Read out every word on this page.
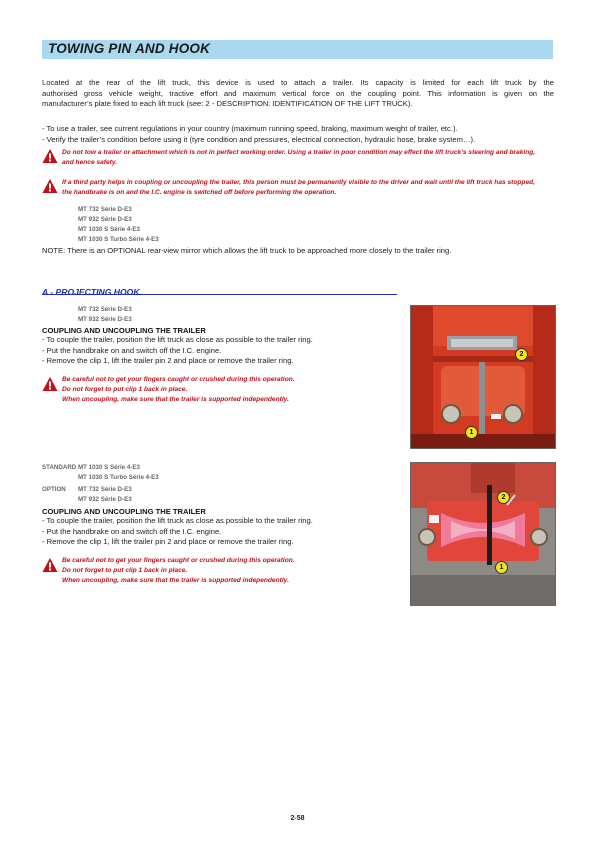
TOWING PIN AND HOOK
Located at the rear of the lift truck, this device is used to attach a trailer. Its capacity is limited for each lift truck by the
authorised gross vehicle weight, tractive effort and maximum vertical force on the coupling point. This information is given on the
manufacturer’s plate fixed to each lift truck (see: 2 - DESCRIPTION: IDENTIFICATION OF THE LIFT TRUCK).
- To use a trailer, see current regulations in your country (maximum running speed, braking, maximum weight of trailer, etc.).
- Verify the trailer’s condition before using it (tyre condition and pressures, electrical connection, hydraulic hose, brake system…).
Do not tow a trailer or attachment which is not in perfect working order. Using a trailer in poor condition may effect the lift truck’s steering and braking,
and hence safety.
If a third party helps in coupling or uncoupling the trailer, this person must be permanently visible to the driver and wait until the lift truck has stopped,
the handbrake is on and the I.C. engine is switched off before performing the operation.
MT 732 Série D-E3
MT 932 Série D-E3
MT 1030 S Série 4-E3
MT 1030 S Turbo Série 4-E3
NOTE: There is an OPTIONAL rear-view mirror which allows the lift truck to be approached more closely to the trailer ring.
A - PROJECTING HOOK
MT 732 Série D-E3
MT 932 Série D-E3
COUPLING AND UNCOUPLING THE TRAILER
- To couple the trailer, position the lift truck as close as possible to the trailer ring.
- Put the handbrake on and switch off the I.C. engine.
- Remove the clip 1, lift the trailer pin 2 and place or remove the trailer ring.
Be careful not to get your fingers caught or crushed during this operation.
Do not forget to put clip 1 back in place.
When uncoupling, make sure that the trailer is supported independently.
2
1
STANDARD
OPTION
MT 1030 S Série 4-E3
MT 1030 S Turbo Série 4-E3
MT 732 Série D-E3
MT 932 Série D-E3
COUPLING AND UNCOUPLING THE TRAILER
- To couple the trailer, position the lift truck as close as possible to the trailer ring.
- Put the handbrake on and switch off the I.C. engine.
- Remove the clip 1, lift the trailer pin 2 and place or remove the trailer ring.
Be careful not to get your fingers caught or crushed during this operation.
Do not forget to put clip 1 back in place.
When uncoupling, make sure that the trailer is supported independently.
2
1
2-58
